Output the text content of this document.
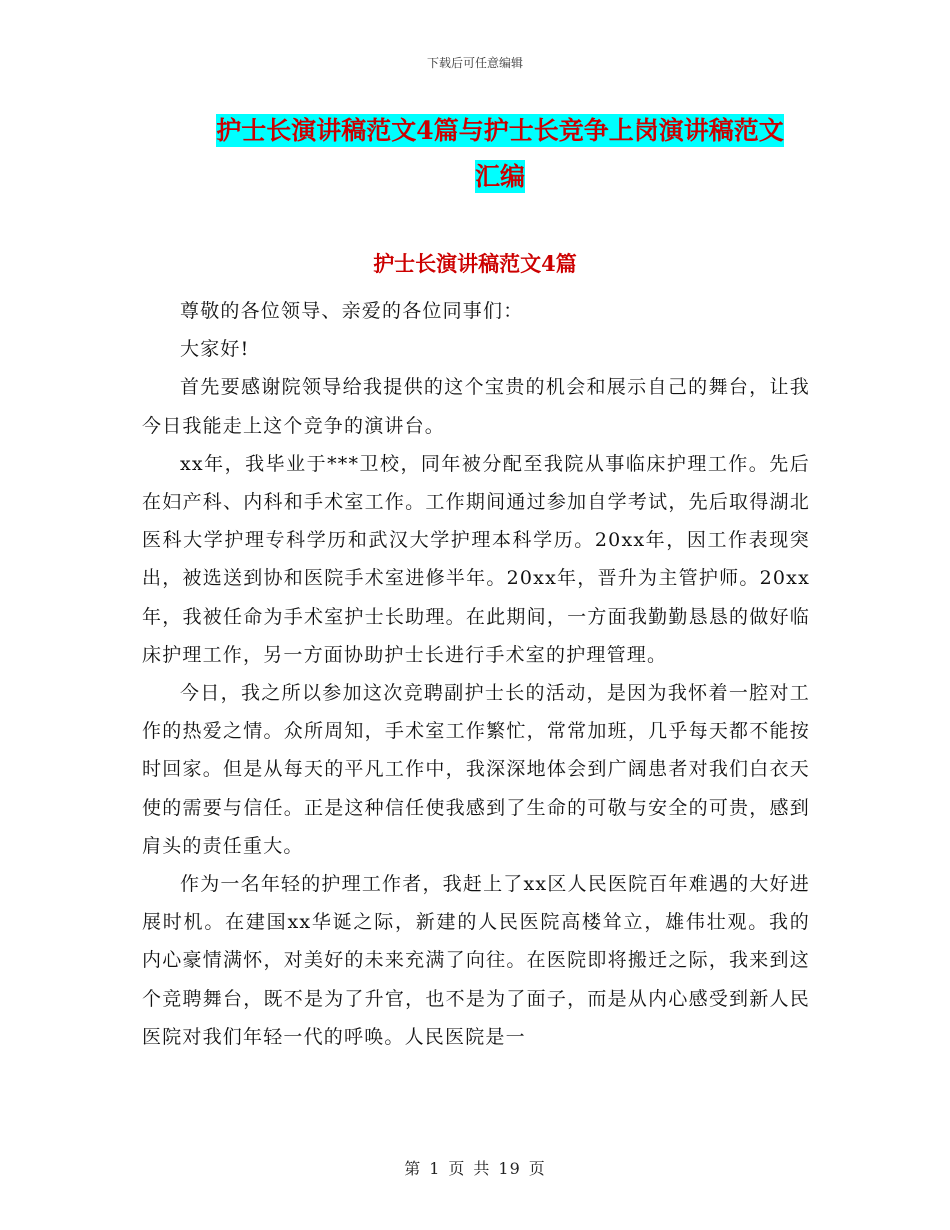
下载后可任意编辑
护士长演讲稿范文4篇与护士长竞争上岗演讲稿范文
汇编
护士长演讲稿范文4篇

尊敬的各位领导、亲爱的各位同事们：

大家好!

首先要感谢院领导给我提供的这个宝贵的机会和展示自己的舞台，让我今日我能走上这个竞争的演讲台。

xx年，我毕业于***卫校，同年被分配至我院从事临床护理工作。先后在妇产科、内科和手术室工作。工作期间通过参加自学考试，先后取得湖北医科大学护理专科学历和武汉大学护理本科学历。20xx年，因工作表现突出，被选送到协和医院手术室进修半年。20xx年，晋升为主管护师。20xx年，我被任命为手术室护士长助理。在此期间，一方面我勤勤恳恳的做好临床护理工作，另一方面协助护士长进行手术室的护理管理。

今日，我之所以参加这次竞聘副护士长的活动，是因为我怀着一腔对工作的热爱之情。众所周知，手术室工作繁忙，常常加班，几乎每天都不能按时回家。但是从每天的平凡工作中，我深深地体会到广阔患者对我们白衣天使的需要与信任。正是这种信任使我感到了生命的可敬与安全的可贵，感到肩头的责任重大。

作为一名年轻的护理工作者，我赶上了xx区人民医院百年难遇的大好进展时机。在建国xx华诞之际，新建的人民医院高楼耸立，雄伟壮观。我的内心豪情满怀，对美好的未来充满了向往。在医院即将搬迁之际，我来到这个竞聘舞台，既不是为了升官，也不是为了面子，而是从内心感受到新人民医院对我们年轻一代的呼唤。人民医院是一

第 1 页 共 19 页
